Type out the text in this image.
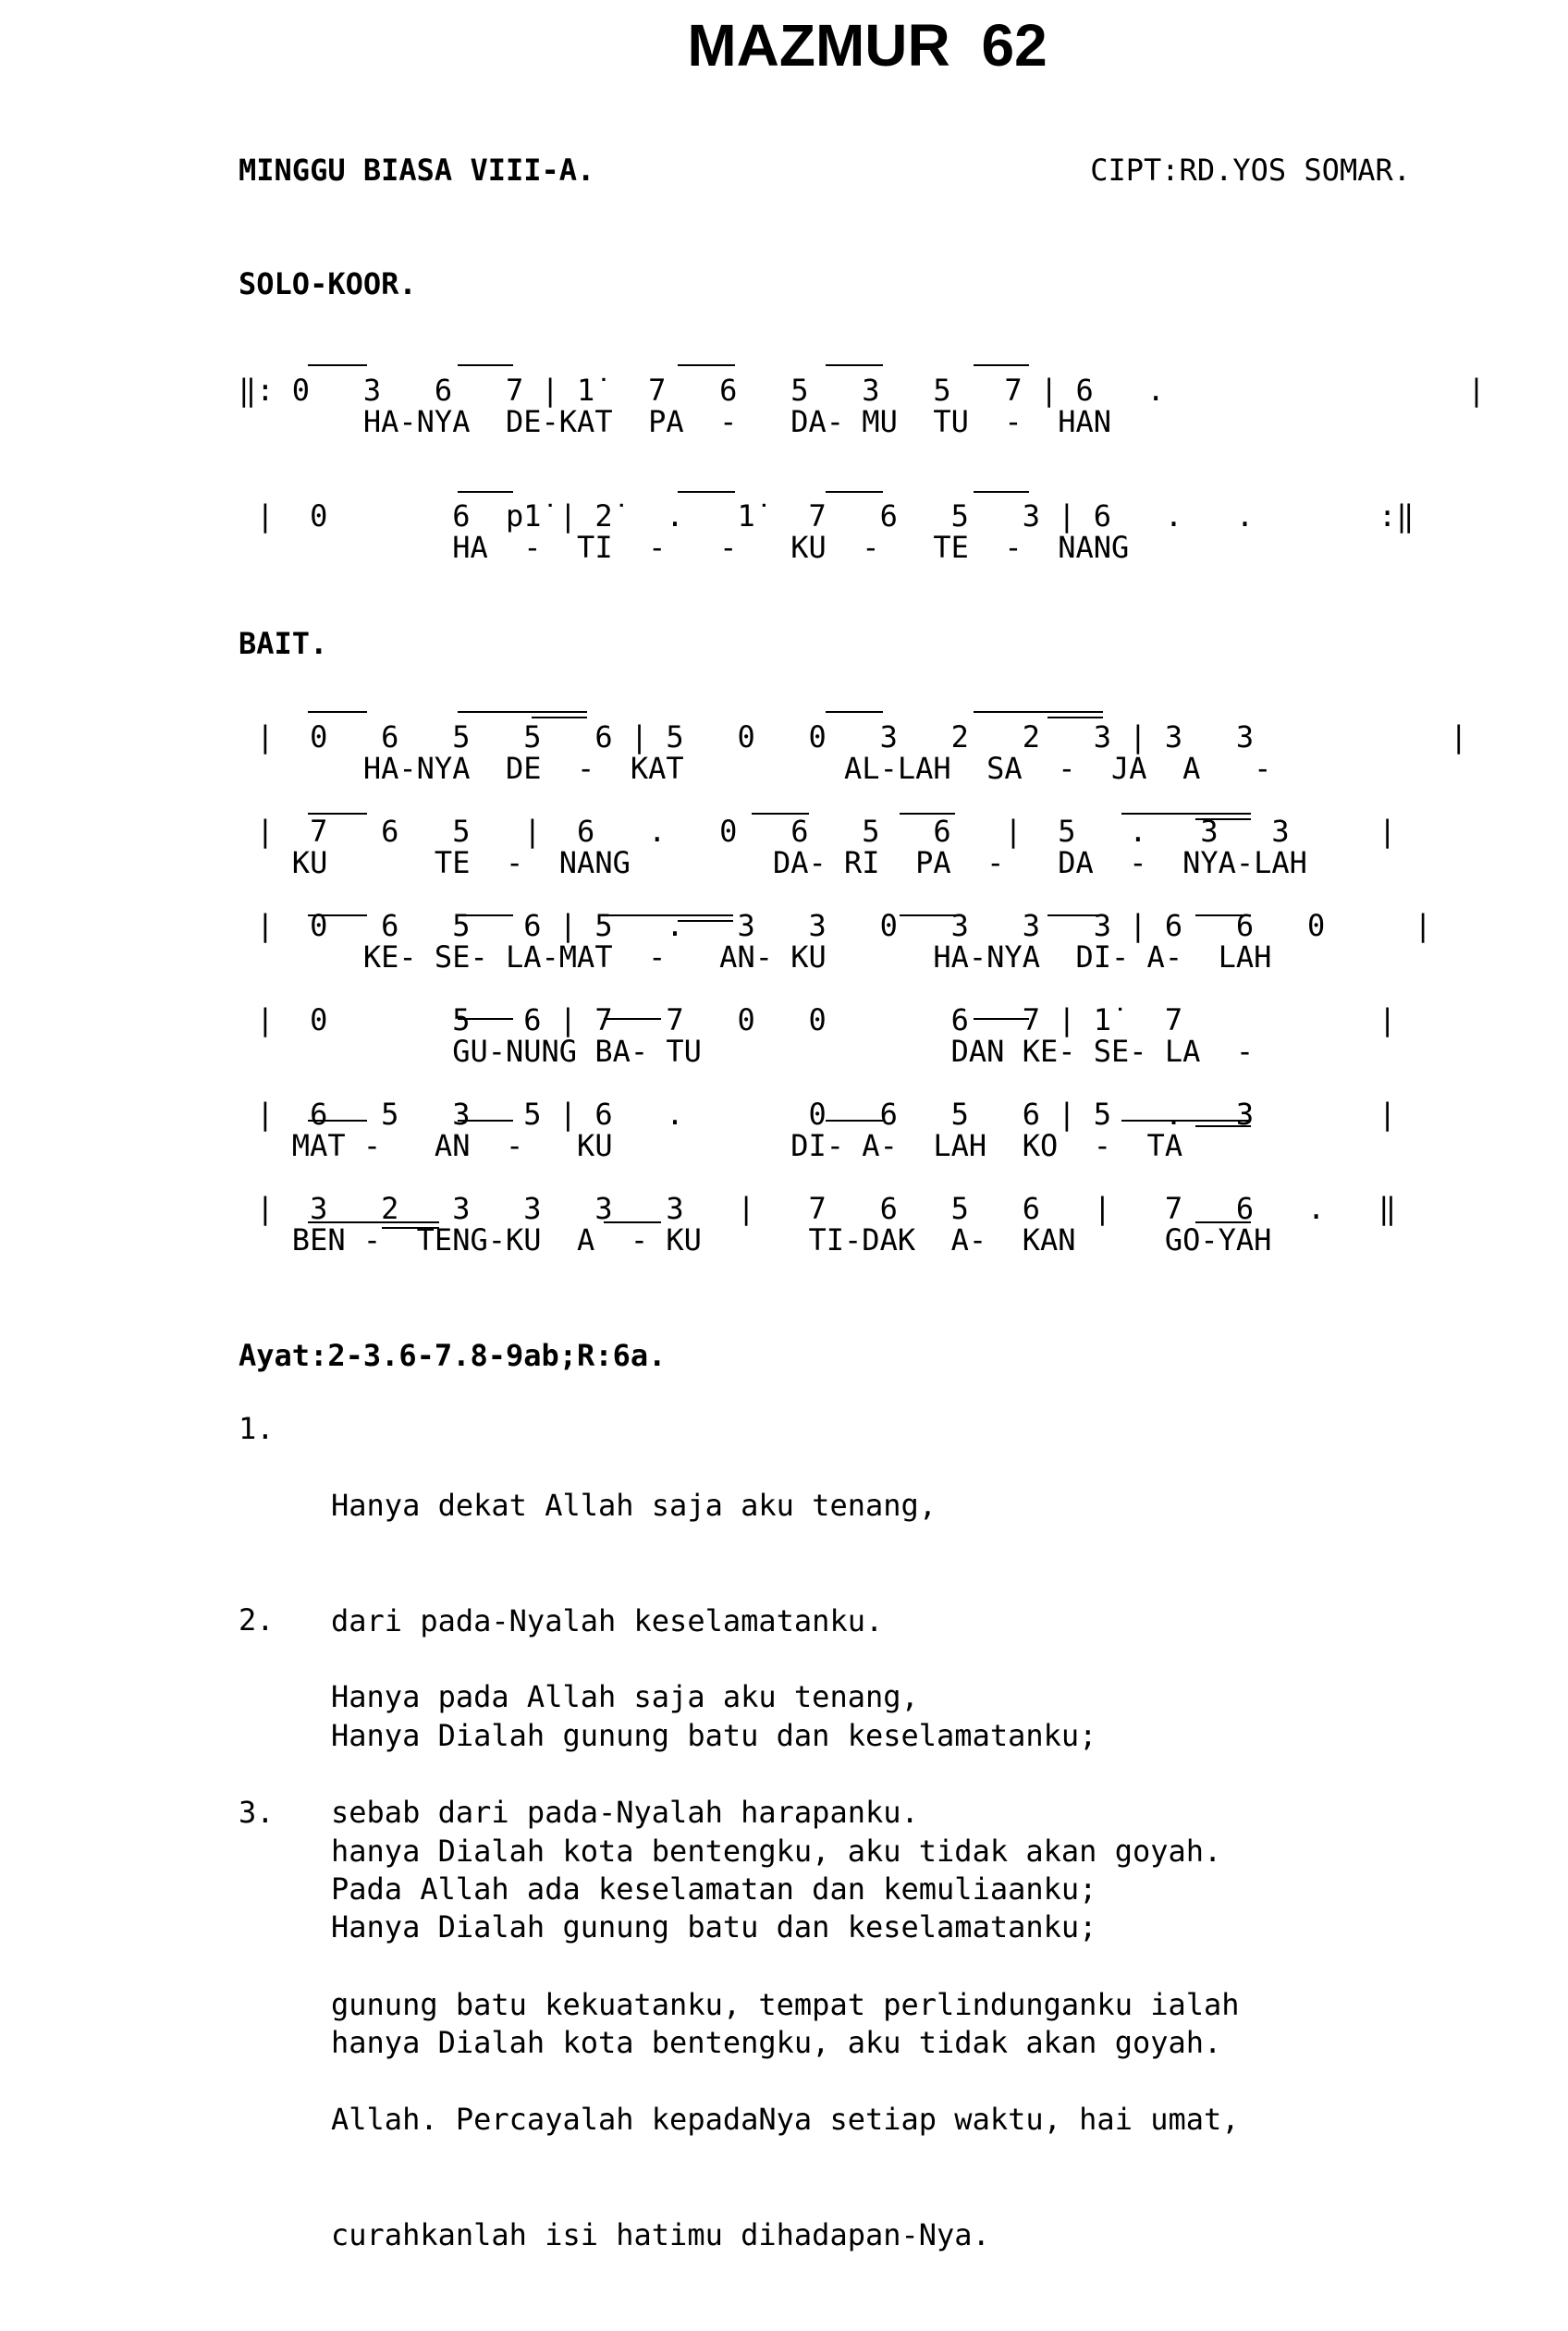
MAZMUR 62
MINGGU BIASA VIII-A.	CIPT:RD.YOS SOMAR.
SOLO-KOOR.
‖: 0   3   6   7 | 1̇   7   6   5   3   5   7 | 6   .                 |
HA-NYA  DE-KAT  PA  -   DA- MU  TU  -  HAN

|  0       6  p1̇ | 2̇   .   1̇   7   6   5   3 | 6   .   .       :‖
HA  -  TI  -   -   KU  -   TE  -  NANG

BAIT.
|  0   6   5   5   6 | 5   0   0   3   2   2   3 | 3   3           |
HA-NYA  DE  -  KAT         AL-LAH  SA  -  JA  A   -

|  7   6   5   |  6   .   0   6   5   6   |  5   .   3   3     |
KU      TE  -  NANG        DA- RI  PA  -   DA  -  NYA-LAH

|  0   6   5   6 | 5   .   3   3   0   3   3   3 | 6   6   0     |
KE- SE- LA-MAT  -   AN- KU      HA-NYA  DI- A-  LAH

|  0       5   6 | 7   7   0   0       6   7 | 1̇   7           |
GU-NUNG BA- TU              DAN KE- SE- LA  -

|  6   5   3   5 | 6   .       0   6   5   6 | 5   .   3       |
MAT -   AN  -   KU          DI- A-  LAH  KO  -  TA

|  3   2   3   3   3   3   |   7   6   5   6   |   7   6   .   ‖
BEN -  TENG-KU  A  - KU      TI-DAK  A-  KAN     GO-YAH

Ayat:2-3.6-7.8-9ab;R:6a.
1.

Hanya dekat Allah saja aku tenang,

dari pada-Nyalah keselamatanku.

Hanya Dialah gunung batu dan keselamatanku;

hanya Dialah kota bentengku, aku tidak akan goyah.

2.

Hanya pada Allah saja aku tenang,

sebab dari pada-Nyalah harapanku.

Hanya Dialah gunung batu dan keselamatanku;

hanya Dialah kota bentengku, aku tidak akan goyah.

3.

Pada Allah ada keselamatan dan kemuliaanku;

gunung batu kekuatanku, tempat perlindunganku ialah

Allah. Percayalah kepadaNya setiap waktu, hai umat,

curahkanlah isi hatimu dihadapan-Nya.
